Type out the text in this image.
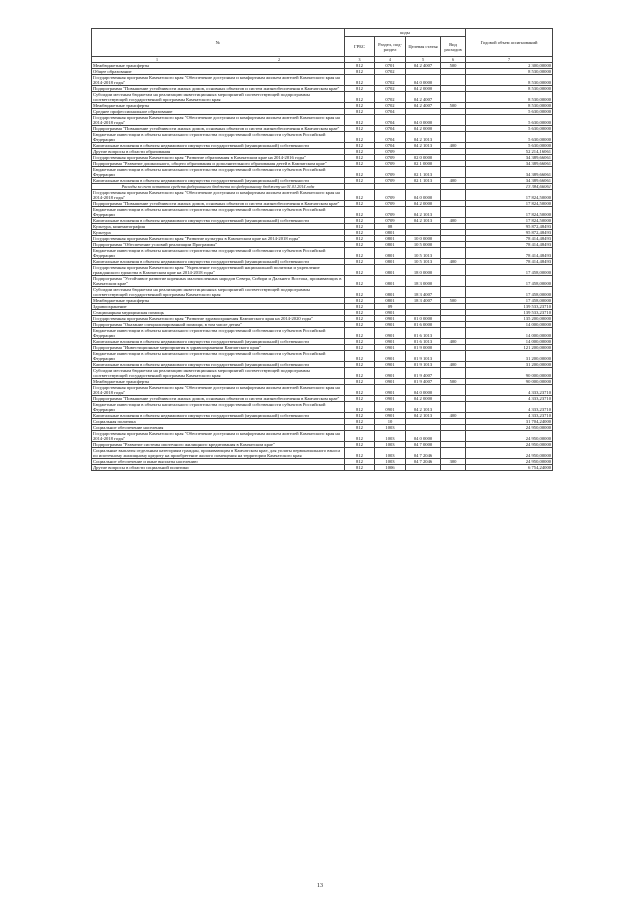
№	коды				Годовой объем ассигнований
	ГРБС	Раздел, под-раздел	Целевая статья	Вид расходов	
1 2	3	4	5	6	7
Межбюджетные трансферты	812	0701	04 2 4007	500	2 300,00000
Общее образование	812	0702			8 530,00000
Государственная программа Камчатского края "Обеспечение доступным и комфортным жильем жителей Камчатского края на 2014-2018 годы"	812	0702	04 0 0000		8 530,00000
Подпрограмма "Повышение устойчивости жилых домов, основных объектов и систем жизнеобеспечения в Камчатском крае"	812	0702	04 2 0000		8 530,00000
Субсидии местным бюджетам на реализацию инвестиционных мероприятий соответствующей подпрограммы соответствующей государственной программы Камчатского края	812	0702	04 2 4007		8 530,00000
Межбюджетные трансферты	812	0702	04 2 4007	500	8 530,00000
Среднее профессиональное образование	812	0704			5 630,00000
Государственная программа Камчатского края "Обеспечение доступным и комфортным жильем жителей Камчатского края на 2014-2018 годы"	812	0704	04 0 0000		5 630,00000
Подпрограмма "Повышение устойчивости жилых домов, основных объектов и систем жизнеобеспечения в Камчатском крае"	812	0704	04 2 0000		5 630,00000
Бюджетные инвестиции в объекты капитального строительства государственной собственности субъектов Российской Федерации	812	0704	04 2 1013		5 630,00000
Капитальные вложения в объекты недвижимого имущества государственной (муниципальной) собственности	812	0704	04 2 1013	400	5 630,00000
Другие вопросы в области образования	812	0709			52 214,16061
Государственная программа Камчатского края "Развитие образования в Камчатском крае на 2014-2016 годы"	812	0709	02 0 0000		34 389,66061
Подпрограмма "Развитие дошкольного, общего образования и дополнительного образования детей в Камчатском крае"	812	0709	02 1 0000		34 389,66061
Бюджетные инвестиции в объекты капитального строительства государственной собственности субъектов Российской Федерации	812	0709	02 1 1013		34 389,66061
Капитальные вложения в объекты недвижимого имущества государственной (муниципальной) собственности	812	0709	02 1 1013	400	34 389,66061
Расходы за счет остатков средств федерального бюджета по федеральному бюджету на 01.01.2014 года					13 384,66061
Государственная программа Камчатского края "Обеспечение доступным и комфортным жильем жителей Камчатского края на 2014-2018 годы"	812	0709	04 0 0000		17 824,50000
Подпрограмма "Повышение устойчивости жилых домов, основных объектов и систем жизнеобеспечения в Камчатском крае"	812	0709	04 2 0000		17 824,50000
Бюджетные инвестиции в объекты капитального строительства государственной собственности субъектов Российской Федерации	812	0709	04 2 1013		17 824,50000
Капитальные вложения в объекты недвижимого имущества государственной (муниципальной) собственности	812	0709	04 2 1013	400	17 824,50000
Культура, кинематография	812	08			95 872,48493
Культура	812	0801			95 872,48493
Государственная программа Камчатского края "Развитие культуры в Камчатском крае на 2014-2018 годы"	812	0801	10 0 0000		78 414,48493
Подпрограмма "Обеспечение условий реализации Программы"	812	0801	10 5 0000		78 414,48493
Бюджетные инвестиции в объекты капитального строительства государственной собственности субъектов Российской Федерации	812	0801	10 5 1013		78 414,48493
Капитальные вложения в объекты недвижимого имущества государственной (муниципальной) собственности	812	0801	10 5 1013	400	78 414,48493
Государственная программа Камчатского края "Укрепление государственной национальной политики и укрепление гражданского единства в Камчатском крае на 2014-2018 годы"	812	0801	18 0 0000		17 458,00000
Подпрограмма "Устойчивое развитие коренных малочисленных народов Севера, Сибири и Дальнего Востока, проживающих в Камчатском крае"	812	0801	18 3 0000		17 458,00000
Субсидии местным бюджетам на реализацию инвестиционных мероприятий соответствующей подпрограммы соответствующей государственной программы Камчатского края	812	0801	18 3 4007		17 458,00000
Межбюджетные трансферты	812	0801	18 3 4007	500	17 458,00000
Здравоохранение	812	09			139 533,23710
Стационарная медицинская помощь	812	0901			139 533,23710
Государственная программа Камчатского края "Развитие здравоохранения Камчатского края на 2014-2020 годы"	812	0901	01 0 0000		135 200,00000
Подпрограмма "Оказание специализированной помощи, в том числе детям"	812	0901	01 6 0000		14 000,00000
Бюджетные инвестиции в объекты капитального строительства государственной собственности субъектов Российской Федерации	812	0901	01 6 1013		14 000,00000
Капитальные вложения в объекты недвижимого имущества государственной (муниципальной) собственности	812	0901	01 6 1013	400	14 000,00000
Подпрограмма "Инвестиционные мероприятия в здравоохранении Камчатского края"	812	0901	01 9 0000		121 200,00000
Бюджетные инвестиции в объекты капитального строительства государственной собственности субъектов Российской Федерации	812	0901	01 9 1013		31 200,00000
Капитальные вложения в объекты недвижимого имущества государственной (муниципальной) собственности	812	0901	01 9 1013	400	31 200,00000
Субсидии местным бюджетам на реализацию инвестиционных мероприятий соответствующей подпрограммы соответствующей государственной программы Камчатского края	812	0901	01 9 4007		90 000,00000
Межбюджетные трансферты	812	0901	01 9 4007	500	90 000,00000
Государственная программа Камчатского края "Обеспечение доступным и комфортным жильем жителей Камчатского края на 2014-2018 годы"	812	0901	04 0 0000		4 333,23710
Подпрограмма "Повышение устойчивости жилых домов, основных объектов и систем жизнеобеспечения в Камчатском крае"	812	0901	04 2 0000		4 333,23710
Бюджетные инвестиции в объекты капитального строительства государственной собственности субъектов Российской Федерации	812	0901	04 2 1013		4 333,23710
Капитальные вложения в объекты недвижимого имущества государственной (муниципальной) собственности	812	0901	04 2 1013	400	4 333,23710
Социальная политика	812	10			31 704,24000
Социальное обеспечение населения	812	1003			24 950,00000
Государственная программа Камчатского края "Обеспечение доступным и комфортным жильем жителей Камчатского края на 2014-2018 годы"	812	1003	04 0 0000		24 950,00000
Подпрограмма "Развитие системы ипотечного жилищного кредитования в Камчатском крае"	812	1003	04 7 0000		24 950,00000
Социальные выплаты отдельным категориям граждан, проживающим в Камчатском крае, для уплаты первоначального взноса по ипотечному жилищному кредиту на приобретение жилого помещения на территории Камчатского края	812	1003	04 7 2046		24 950,00000
Социальное обеспечение и иные выплаты населению	812	1003	04 7 2046	300	24 950,00000
Другие вопросы в области социальной политики	812	1006			6 754,24000
13
